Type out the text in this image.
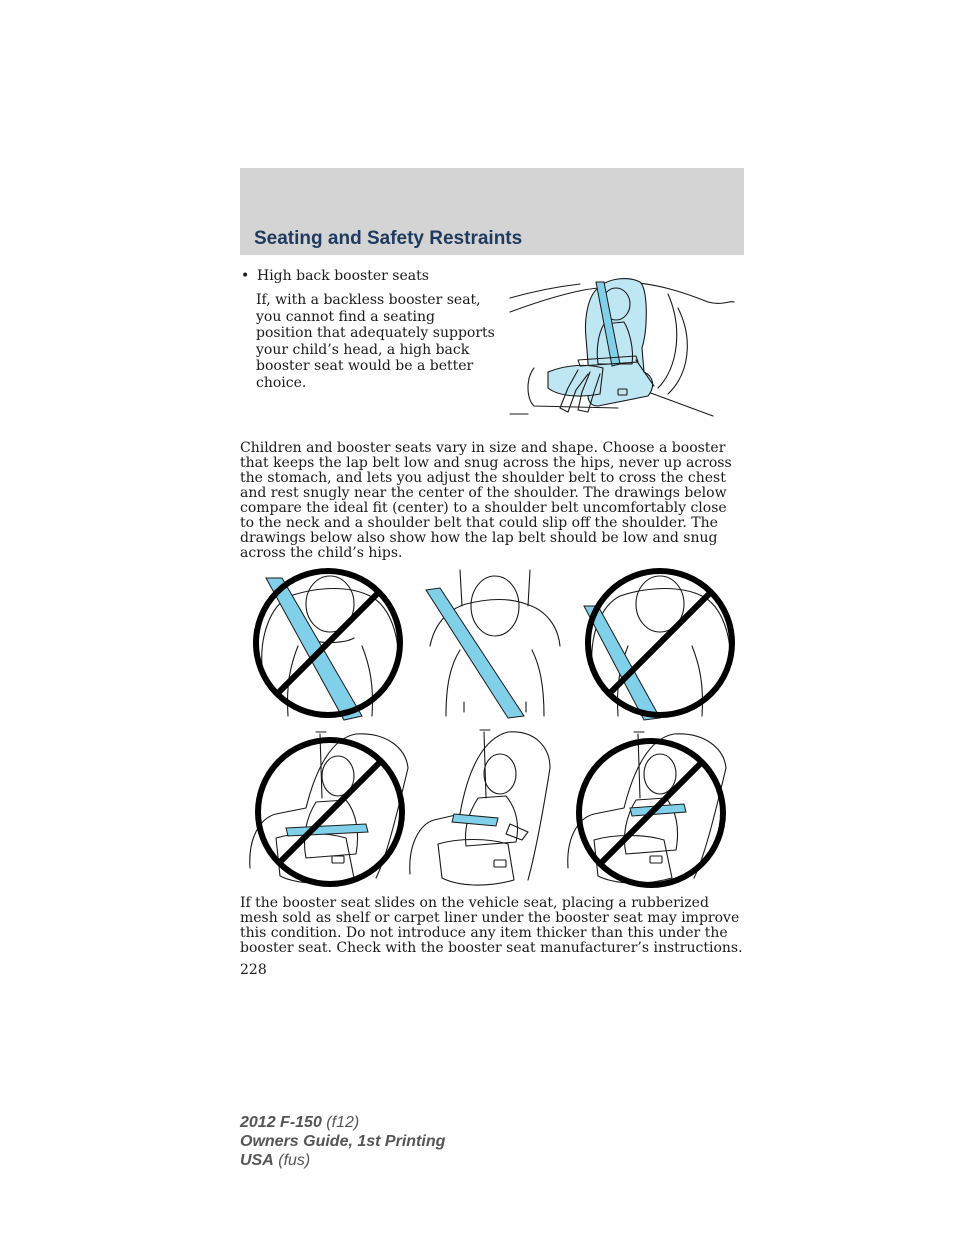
Seating and Safety Restraints
• High back booster seats
If, with a backless booster seat, you cannot find a seating position that adequately supports your child’s head, a high back booster seat would be a better choice.
Children and booster seats vary in size and shape. Choose a booster that keeps the lap belt low and snug across the hips, never up across the stomach, and lets you adjust the shoulder belt to cross the chest and rest snugly near the center of the shoulder. The drawings below compare the ideal fit (center) to a shoulder belt uncomfortably close to the neck and a shoulder belt that could slip off the shoulder. The drawings below also show how the lap belt should be low and snug across the child’s hips.
If the booster seat slides on the vehicle seat, placing a rubberized mesh sold as shelf or carpet liner under the booster seat may improve this condition. Do not introduce any item thicker than this under the booster seat. Check with the booster seat manufacturer’s instructions.
228
2012 F-150 (f12)
Owners Guide, 1st Printing
USA (fus)
